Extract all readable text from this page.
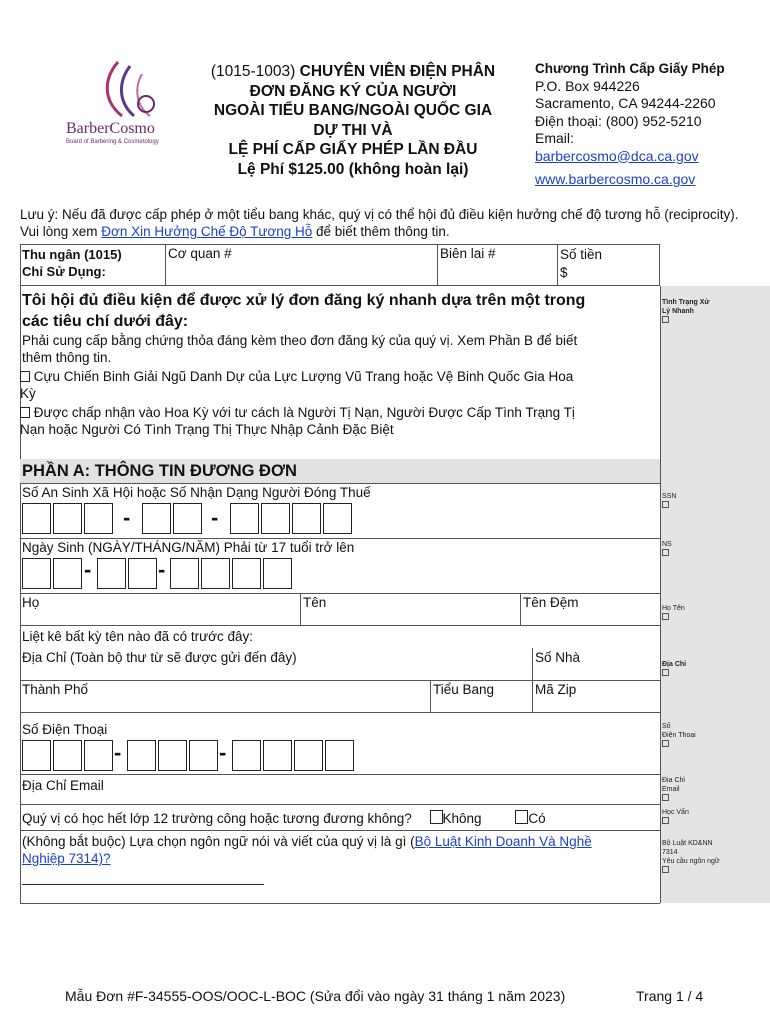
BarberCosmo
Board of Barbering & Cosmetology
(1015-1003) CHUYÊN VIÊN ĐIỆN PHÂN
ĐƠN ĐĂNG KÝ CỦA NGƯỜI
NGOÀI TIỂU BANG/NGOÀI QUỐC GIA
DỰ THI VÀ
LỆ PHÍ CẤP GIẤY PHÉP LẦN ĐẦU
Lệ Phí $125.00 (không hoàn lại)
Chương Trình Cấp Giấy Phép
P.O. Box 944226
Sacramento, CA 94244-2260
Điện thoại: (800) 952-5210
Email:
barbercosmo@dca.ca.gov
www.barbercosmo.ca.gov
Lưu ý: Nếu đã được cấp phép ở một tiểu bang khác, quý vị có thể hội đủ điều kiện hưởng chế độ tương hỗ (reciprocity). Vui lòng xem Đơn Xin Hưởng Chế Độ Tương Hỗ để biết thêm thông tin.
Thu ngân (1015)
Chỉ Sử Dụng:
Cơ quan #	Biên lai #	Số tiền
$
Tình Trạng Xử
Lý Nhanh
SSN
NS
Họ Tên
Địa Chỉ
Số
Điện Thoại
Địa Chỉ
Email
Học Vấn
Bộ Luật KD&NN
7314
Yêu cầu ngôn ngữ
Tôi hội đủ điều kiện để được xử lý đơn đăng ký nhanh dựa trên một trong
các tiêu chí dưới đây:
Phải cung cấp bằng chứng thỏa đáng kèm theo đơn đăng ký của quý vị. Xem Phần B để biết
thêm thông tin.
Cựu Chiến Binh Giải Ngũ Danh Dự của Lực Lượng Vũ Trang hoặc Vệ Binh Quốc Gia Hoa
Kỳ
Được chấp nhận vào Hoa Kỳ với tư cách là Người Tị Nạn, Người Được Cấp Tình Trạng Tị
Nạn hoặc Người Có Tình Trạng Thị Thực Nhập Cảnh Đặc Biệt
PHẦN A: THÔNG TIN ĐƯƠNG ĐƠN
Số An Sinh Xã Hội hoặc Số Nhận Dạng Người Đóng Thuế
-	-
Ngày Sinh (NGÀY/THÁNG/NĂM) Phải từ 17 tuổi trở lên
-	-
Họ	Tên	Tên Đệm
Liệt kê bất kỳ tên nào đã có trước đây:
Địa Chỉ (Toàn bộ thư từ sẽ được gửi đến đây)	Số Nhà
Thành Phố	Tiểu Bang	Mã Zip
Số Điện Thoại
-	-
Địa Chỉ Email
Quý vị có học hết lớp 12 trường công hoặc tương đương không? Không	Có
(Không bắt buộc) Lựa chọn ngôn ngữ nói và viết của quý vị là gì (Bộ Luật Kinh Doanh Và Nghề
Nghiệp 7314)?
Mẫu Đơn #F-34555-OOS/OOC-L-BOC (Sửa đổi vào ngày 31 tháng 1 năm 2023)	Trang 1 / 4
